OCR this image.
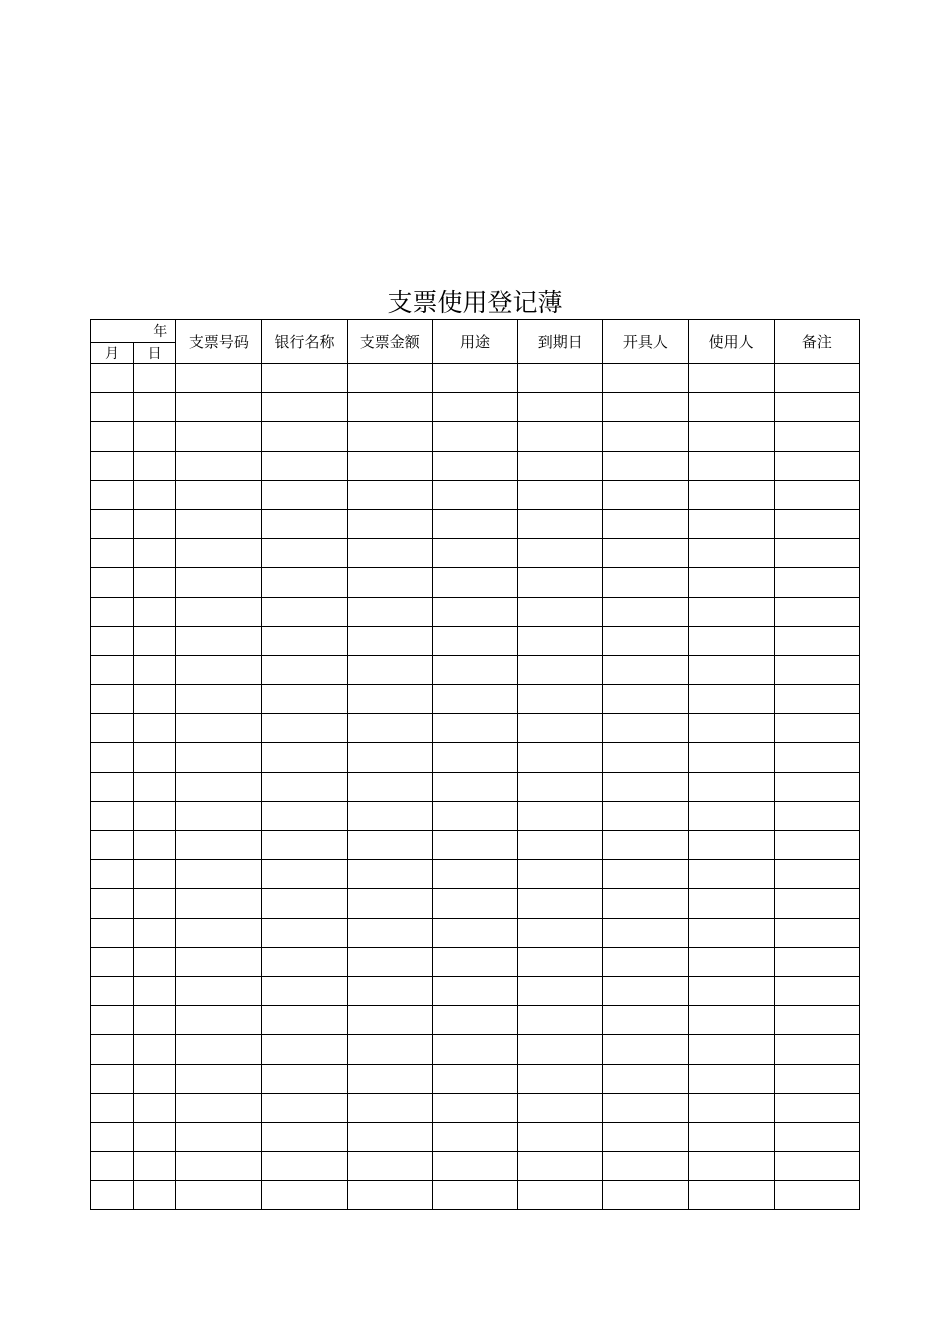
支票使用登记薄
年		支票号码	银行名称	支票金额	用途	到期日	开具人	使用人	备注
月	日								
